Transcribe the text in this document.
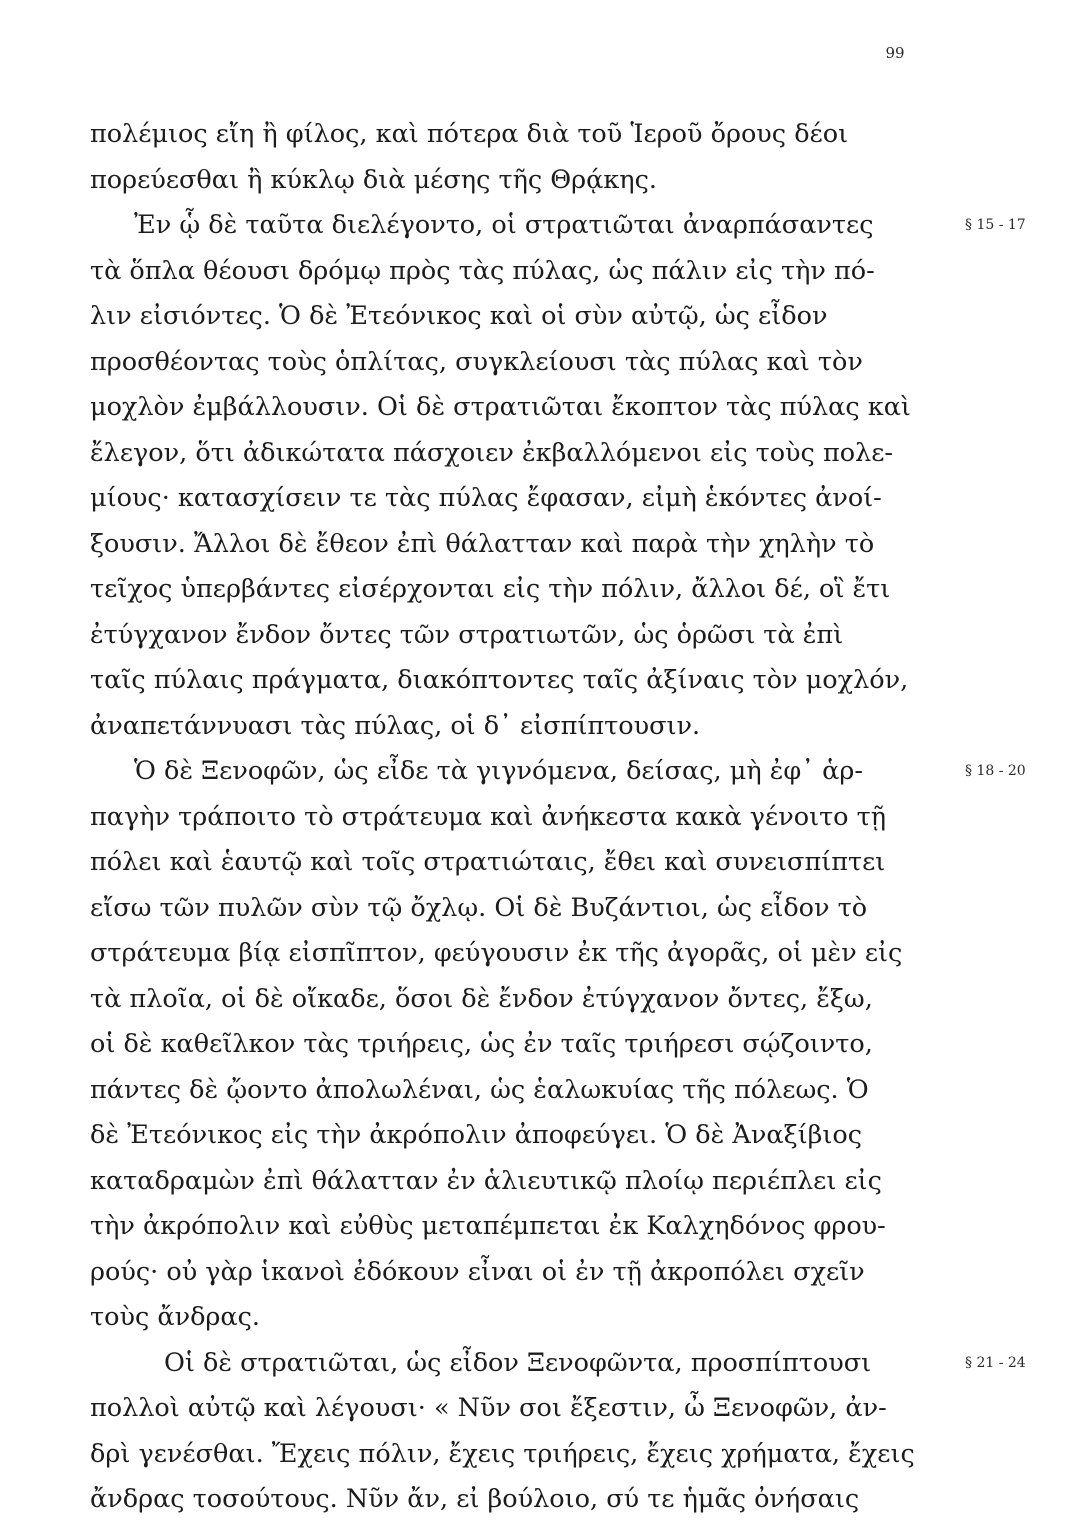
99
πολέμιος εἴη ἢ φίλος, καὶ πότερα διὰ τοῦ Ἱεροῦ ὄρους δέοι
πορεύεσθαι ἢ κύκλῳ διὰ μέσης τῆς Θρᾴκης.
Ἐν ᾧ δὲ ταῦτα διελέγοντο, οἱ στρατιῶται ἀναρπάσαντες	§ 15 - 17
τὰ ὅπλα θέουσι δρόμῳ πρὸς τὰς πύλας, ὡς πάλιν εἰς τὴν πό-
λιν εἰσιόντες. Ὁ δὲ Ἐτεόνικος καὶ οἱ σὺν αὐτῷ, ὡς εἶδον
προσθέοντας τοὺς ὁπλίτας, συγκλείουσι τὰς πύλας καὶ τὸν
μοχλὸν ἐμβάλλουσιν. Οἱ δὲ στρατιῶται ἔκοπτον τὰς πύλας καὶ
ἔλεγον, ὅτι ἀδικώτατα πάσχοιεν ἐκβαλλόμενοι εἰς τοὺς πολε-
μίους· κατασχίσειν τε τὰς πύλας ἔφασαν, εἰμὴ ἑκόντες ἀνοί-
ξουσιν. Ἄλλοι δὲ ἔθεον ἐπὶ θάλατταν καὶ παρὰ τὴν χηλὴν τὸ
τεῖχος ὑπερβάντες εἰσέρχονται εἰς τὴν πόλιν, ἄλλοι δέ, οἳ ἔτι
ἐτύγχανον ἔνδον ὄντες τῶν στρατιωτῶν, ὡς ὁρῶσι τὰ ἐπὶ
ταῖς πύλαις πράγματα, διακόπτοντες ταῖς ἀξίναις τὸν μοχλόν,
ἀναπετάννυασι τὰς πύλας, οἱ δ᾽ εἰσπίπτουσιν.
Ὁ δὲ Ξενοφῶν, ὡς εἶδε τὰ γιγνόμενα, δείσας, μὴ ἐφ᾽ ἁρ-	§ 18 - 20
παγὴν τράποιτο τὸ στράτευμα καὶ ἀνήκεστα κακὰ γένοιτο τῇ
πόλει καὶ ἑαυτῷ καὶ τοῖς στρατιώταις, ἔθει καὶ συνεισπίπτει
εἴσω τῶν πυλῶν σὺν τῷ ὄχλῳ. Οἱ δὲ Βυζάντιοι, ὡς εἶδον τὸ
στράτευμα βίᾳ εἰσπῖπτον, φεύγουσιν ἐκ τῆς ἀγορᾶς, οἱ μὲν εἰς
τὰ πλοῖα, οἱ δὲ οἴκαδε, ὅσοι δὲ ἔνδον ἐτύγχανον ὄντες, ἔξω,
οἱ δὲ καθεῖλκον τὰς τριήρεις, ὡς ἐν ταῖς τριήρεσι σῴζοιντο,
πάντες δὲ ᾤοντο ἀπολωλέναι, ὡς ἑαλωκυίας τῆς πόλεως. Ὁ
δὲ Ἐτεόνικος εἰς τὴν ἀκρόπολιν ἀποφεύγει. Ὁ δὲ Ἀναξίβιος
καταδραμὼν ἐπὶ θάλατταν ἐν ἁλιευτικῷ πλοίῳ περιέπλει εἰς
τὴν ἀκρόπολιν καὶ εὐθὺς μεταπέμπεται ἐκ Καλχηδόνος φρου-
ρούς· οὐ γὰρ ἱκανοὶ ἐδόκουν εἶναι οἱ ἐν τῇ ἀκροπόλει σχεῖν
τοὺς ἄνδρας.
Οἱ δὲ στρατιῶται, ὡς εἶδον Ξενοφῶντα, προσπίπτουσι	§ 21 - 24
πολλοὶ αὐτῷ καὶ λέγουσι· « Νῦν σοι ἔξεστιν, ὦ Ξενοφῶν, ἀν-
δρὶ γενέσθαι. Ἔχεις πόλιν, ἔχεις τριήρεις, ἔχεις χρήματα, ἔχεις
ἄνδρας τοσούτους. Νῦν ἄν, εἰ βούλοιο, σύ τε ἡμᾶς ὀνήσαις
